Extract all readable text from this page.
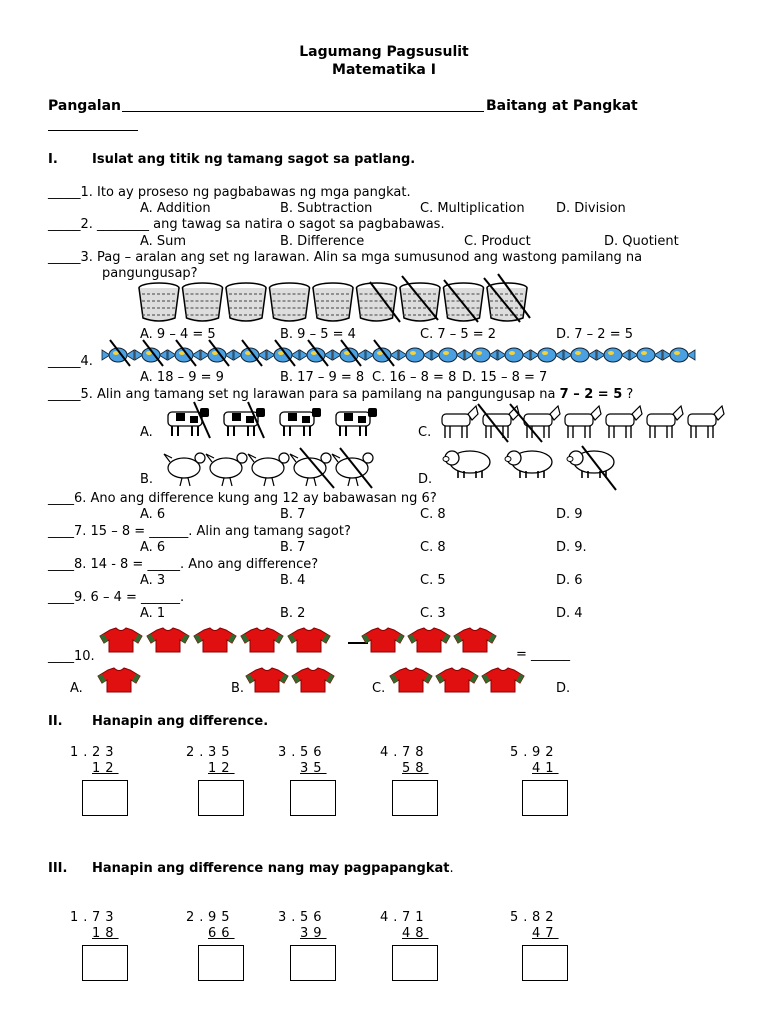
Lagumang Pagsusulit
Matematika I
Pangalan	Baitang at Pangkat
I.	Isulat ang titik ng tamang sagot sa patlang.
_____1. Ito ay proseso ng pagbabawas ng mga pangkat.
A. Addition	B. Subtraction	C. Multiplication D. Division
_____2. ________ ang tawag sa natira o sagot sa pagbabawas.
A. Sum	B. Difference	C. Product	D. Quotient
_____3. Pag – aralan ang set ng larawan. Alin sa mga sumusunod ang wastong pamilang na
pangungusap?
A. 9 – 4 = 5	B. 9 – 5 = 4	C. 7 – 5 = 2	D. 7 – 2 = 5
_____4.
A. 18 – 9 = 9	B. 17 – 9 = 8 C. 16 – 8 = 8 D. 15 – 8 = 7
_____5. Alin ang tamang set ng larawan para sa pamilang na pangungusap na 7 – 2 = 5 ?
A.	C.
B.	D.
____6. Ano ang difference kung ang 12 ay babawasan ng 6?
A. 6	B. 7	C. 8	D. 9
____7. 15 – 8 = ______. Alin ang tamang sagot?
A. 6	B. 7	C. 8	D. 9.
____8. 14 - 8 = _____. Ano ang difference?
A. 3	B. 4	C. 5	D. 6
____9. 6 – 4 = ______.
A. 1	B. 2	C. 3	D. 4
____10.	= ______
A.	B.	C.	D.
II. Hanapin ang difference.
1. 23
12
2. 35
12
3. 56
35
4. 78
58
5. 92
41
III. Hanapin ang difference nang may pagpapangkat.
1. 73
18
2. 95
66
3. 56
39
4. 71
48
5. 82
47
